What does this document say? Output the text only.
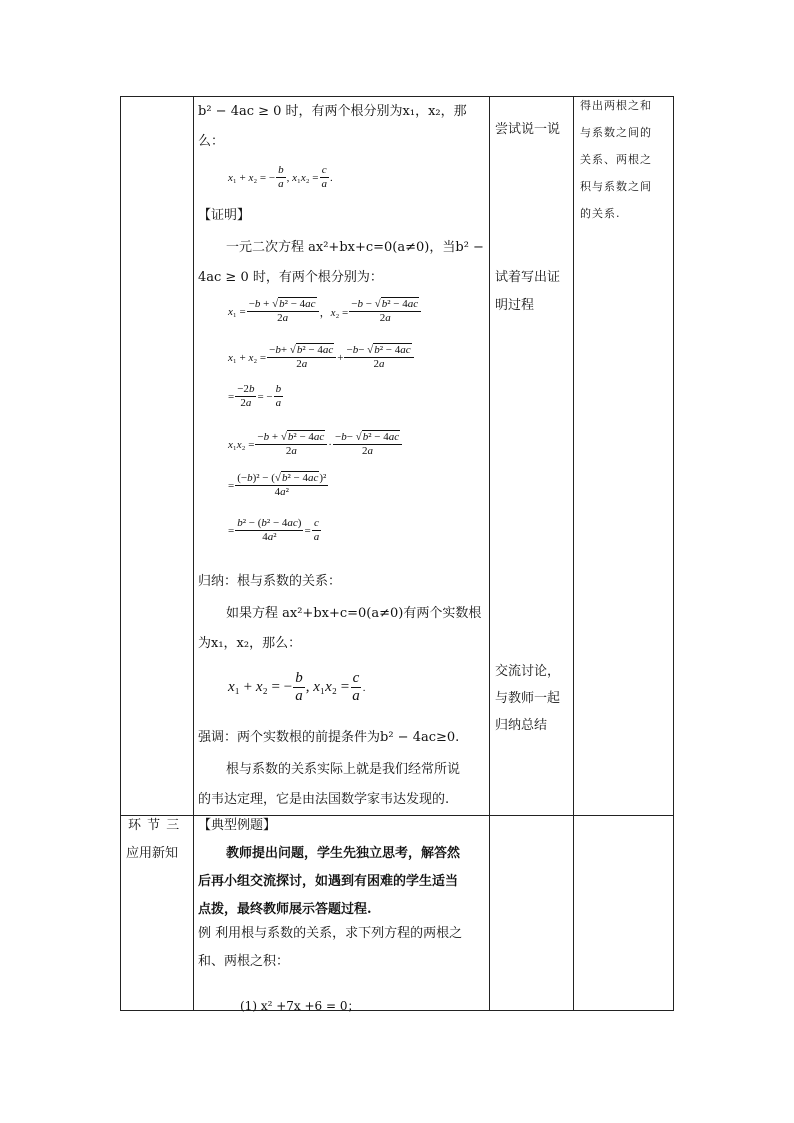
b² − 4ac ≥ 0 时，有两个根分别为x₁，x₂，那
么：
x₁ + x₂ = − $\frac{b}{a}$ , $x_1x_2 = \frac{c}{a}$ .
【证明】
一元二次方程 ax²+bx+c=0(a≠0)，当b² −
4ac ≥ 0 时，有两个根分别为：
$x_1 = \frac{\text{−b + √b² − 4ac}}{2a}$ ，$x_2 = \frac{\text{−b − √b² − 4ac}}{2a}$
$x_1 + x_2 = \frac{\text{−b+ √b² − 4ac}}{2a} + \frac{\text{−b− √b² − 4ac}}{2a}$
= $\frac{-2b}{2a}$ = − $\frac{b}{a}$
$x_1x_2 = \frac{\text{−b + √b² − 4ac}}{2a} \cdot \frac{\text{−b− √b² − 4ac}}{2a}$
= $\frac{\text{(−b)² − (√b² − 4ac)²}}{\text{4a²}}$
= $\frac{\text{b² − (b² − 4ac)}}{\text{4a²}} = \frac{c}{a}$
归纳：根与系数的关系：
如果方程 ax²+bx+c=0(a≠0)有两个实数根
为x₁，x₂，那么：
x₁ + x₂ = − $\frac{b}{a}$ , $x_1x_2 = \frac{c}{a}$ .
强调：两个实数根的前提条件为b² − 4ac≥0.
根与系数的关系实际上就是我们经常所说
的韦达定理，它是由法国数学家韦达发现的.
【典型例题】
教师提出问题，学生先独立思考，解答然
后再小组交流探讨，如遇到有困难的学生适当
点拨，最终教师展示答题过程.
例 利用根与系数的关系，求下列方程的两根之
和、两根之积：
(1) x² +7x +6 = 0；
环 节 三
应用新知
尝试说一说
试着写出证
明过程
交流讨论，
与教师一起
归纳总结
得出两根之和
与系数之间的
关系、两根之
积与系数之间
的关系.
